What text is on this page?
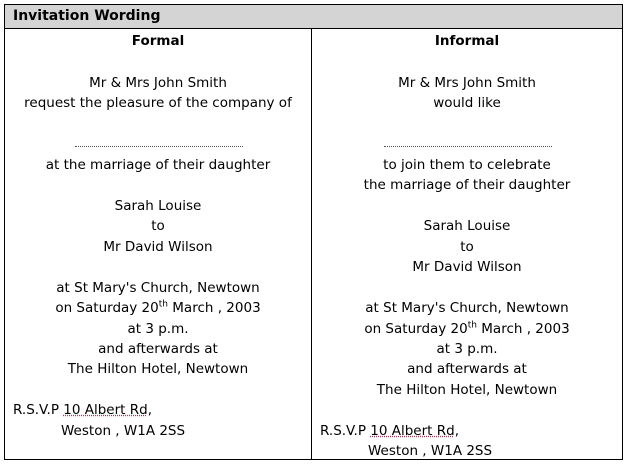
Invitation Wording
Formal
Mr & Mrs John Smith
request the pleasure of the company of
at the marriage of their daughter
Sarah Louise
to
Mr David Wilson
at St Mary's Church, Newtown
on Saturday 20th March , 2003
at 3 p.m.
and afterwards at
The Hilton Hotel, Newtown
R.S.V.P 10 Albert Rd,
Weston , W1A 2SS
Informal
Mr & Mrs John Smith
would like
to join them to celebrate
the marriage of their daughter
Sarah Louise
to
Mr David Wilson
at St Mary's Church, Newtown
on Saturday 20th March , 2003
at 3 p.m.
and afterwards at
The Hilton Hotel, Newtown
R.S.V.P 10 Albert Rd,
Weston , W1A 2SS
